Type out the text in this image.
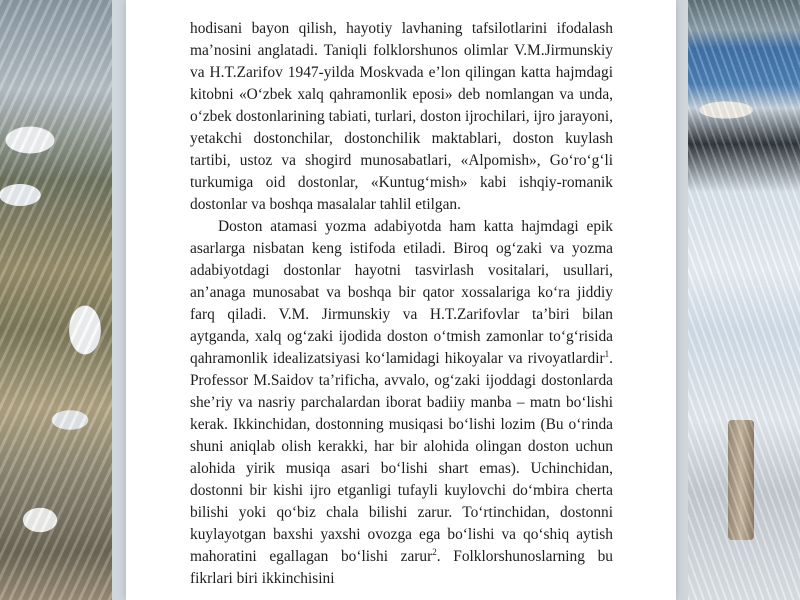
hodisani bayon qilish, hayotiy lavhaning tafsilotlarini ifodalash ma’nosini anglatadi. Taniqli folklorshunos olimlar V.M.Jirmunskiy va H.T.Zarifov 1947-yilda Moskvada e’lon qilingan katta hajmdagi kitobni «O‘zbek xalq qahramonlik eposi» deb nomlangan va unda, o‘zbek dostonlarining tabiati, turlari, doston ijrochilari, ijro jarayoni, yetakchi dostonchilar, dostonchilik maktablari, doston kuylash tartibi, ustoz va shogird munosabatlari, «Alpomish», Go‘ro‘g‘li turkumiga oid dostonlar, «Kuntug‘mish» kabi ishqiy-romanik dostonlar va boshqa masalalar tahlil etilgan.

Doston atamasi yozma adabiyotda ham katta hajmdagi epik asarlarga nisbatan keng istifoda etiladi. Biroq og‘zaki va yozma adabiyotdagi dostonlar hayotni tasvirlash vositalari, usullari, an’anaga munosabat va boshqa bir qator xossalariga ko‘ra jiddiy farq qiladi. V.M. Jirmunskiy va H.T.Zarifovlar ta’biri bilan aytganda, xalq og‘zaki ijodida doston o‘tmish zamonlar to‘g‘risida qahramonlik idealizatsiyasi ko‘lamidagi hikoyalar va rivoyatlardir$^1$. Professor M.Saidov ta’rificha, avvalo, og‘zaki ijoddagi dostonlarda she’riy va nasriy parchalardan iborat badiiy manba – matn bo‘lishi kerak. Ikkinchidan, dostonning musiqasi bo‘lishi lozim (Bu o‘rinda shuni aniqlab olish kerakki, har bir alohida olingan doston uchun alohida yirik musiqa asari bo‘lishi shart emas). Uchinchidan, dostonni bir kishi ijro etganligi tufayli kuylovchi do‘mbira cherta bilishi yoki qo‘biz chala bilishi zarur. To‘rtinchidan, dostonni kuylayotgan baxshi yaxshi ovozga ega bo‘lishi va qo‘shiq aytish mahoratini egallagan bo‘lishi zarur$^2$. Folklorshunoslarning bu fikrlari biri ikkinchisini
